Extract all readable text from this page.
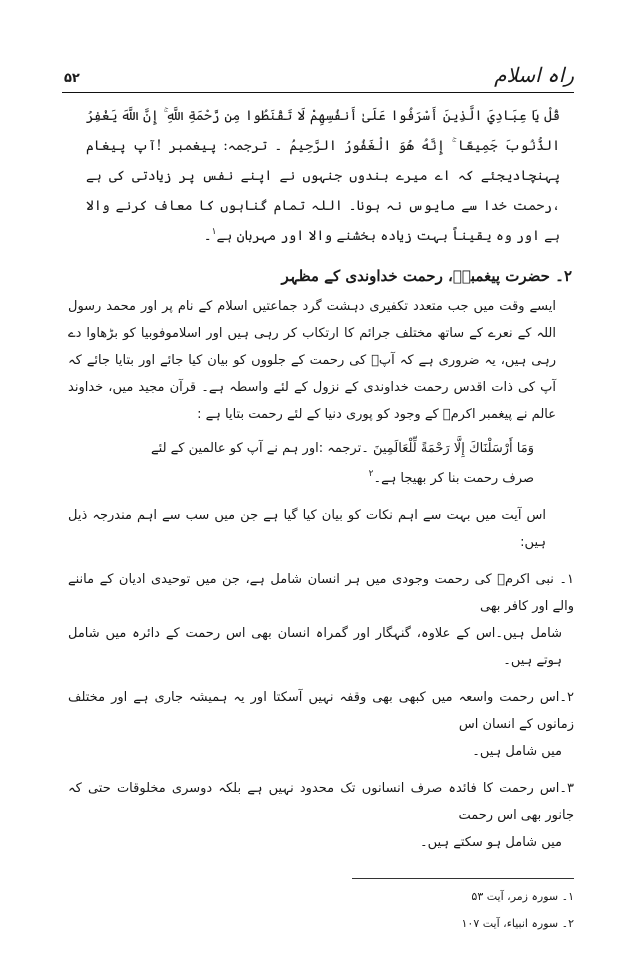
۵۲	راہ اسلام
قُلْ يَا عِبَادِيَ الَّذِينَ أَسْرَفُوا عَلَىٰ أَنفُسِهِمْ لَا تَقْنَطُوا مِن رَّحْمَةِ اللَّهِ ۚ إِنَّ اللَّهَ يَغْفِرُ الذُّنُوبَ جَمِيعًا ۚ إِنَّهُ هُوَ الْغَفُورُ الرَّحِيمُ ۔ ترجمہ: پیغمبر !آپ پیغام پہنچادیجئے کہ اے میرے بندوں جنہوں نے اپنے نفس پر زیادتی کی ہے ،رحمت خدا سے مایوس نہ ہونا۔ اللہ تمام گناہوں کا معاف کرنے والا ہے اور وہ یقیناً بہت زیادہ بخشنے والا اور مہربان ہے$^۱$۔
۲۔ حضرت پیغمبرؐ، رحمت خداوندی کے مظہر

ایسے وقت میں جب متعدد تکفیری دہشت گرد جماعتیں اسلام کے نام پر اور محمد رسول اللہ کے نعرے کے ساتھ مختلف جرائم کا ارتکاب کر رہی ہیں اور اسلاموفوبیا کو بڑھاوا دے رہی ہیں، یہ ضروری ہے کہ آپؐ کی رحمت کے جلووں کو بیان کیا جائے اور بتایا جائے کہ آپ کی ذات اقدس رحمت خداوندی کے نزول کے لئے واسطہ ہے۔ قرآن مجید میں، خداوند عالم نے پیغمبر اکرمؐ کے وجود کو پوری دنیا کے لئے رحمت بتایا ہے :

وَمَا أَرْسَلْنَاكَ إِلَّا رَحْمَةً لِّلْعَالَمِينَ ۔ترجمہ :اور ہم نے آپ کو عالمین کے لئے
صرف رحمت بنا کر بھیجا ہے۔$^۲$

اس آیت میں بہت سے اہم نکات کو بیان کیا گیا ہے جن میں سب سے اہم مندرجہ ذیل ہیں:

۱۔ نبی اکرمؐ کی رحمت وجودی میں ہر انسان شامل ہے، جن میں توحیدی ادیان کے ماننے والے اور کافر بھی
شامل ہیں۔اس کے علاوہ، گنہگار اور گمراہ انسان بھی اس رحمت کے دائرہ میں شامل ہوتے ہیں۔
۲۔اس رحمت واسعہ میں کبھی بھی وقفہ نہیں آسکتا اور یہ ہمیشہ جاری ہے اور مختلف زمانوں کے انسان اس
میں شامل ہیں۔
۳۔اس رحمت کا فائدہ صرف انسانوں تک محدود نہیں ہے بلکہ دوسری مخلوقات حتی کہ جانور بھی اس رحمت
میں شامل ہو سکتے ہیں۔
۱۔ سورہ زمر، آیت ۵۳
۲۔ سورہ انبیاء، آیت ۱۰۷
